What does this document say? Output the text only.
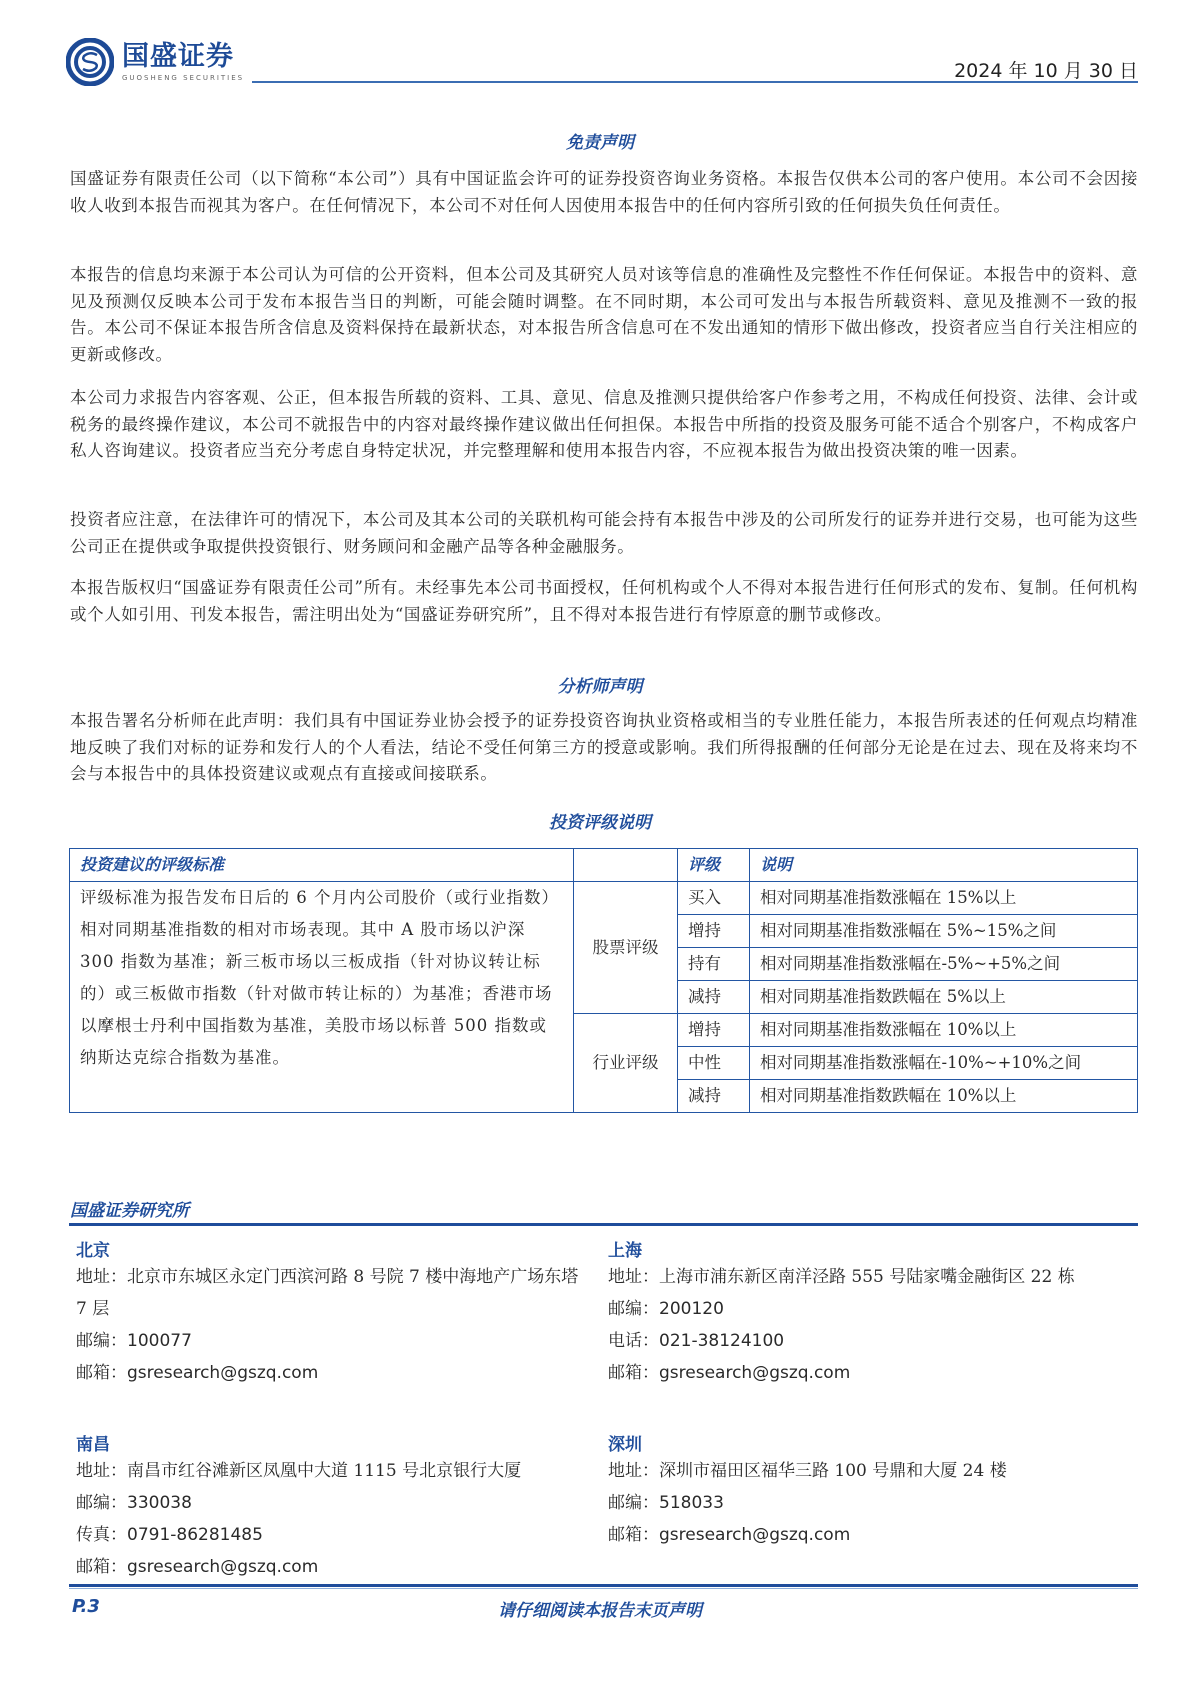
国盛证券
GUOSHENG SECURITIES	2024 年 10 月 30 日
免责声明
国盛证券有限责任公司（以下简称“本公司”）具有中国证监会许可的证券投资咨询业务资格。本报告仅供本公司的客户使用。本公司不会因接收人收到本报告而视其为客户。在任何情况下，本公司不对任何人因使用本报告中的任何内容所引致的任何损失负任何责任。
本报告的信息均来源于本公司认为可信的公开资料，但本公司及其研究人员对该等信息的准确性及完整性不作任何保证。本报告中的资料、意见及预测仅反映本公司于发布本报告当日的判断，可能会随时调整。在不同时期，本公司可发出与本报告所载资料、意见及推测不一致的报告。本公司不保证本报告所含信息及资料保持在最新状态，对本报告所含信息可在不发出通知的情形下做出修改，投资者应当自行关注相应的更新或修改。
本公司力求报告内容客观、公正，但本报告所载的资料、工具、意见、信息及推测只提供给客户作参考之用，不构成任何投资、法律、会计或税务的最终操作建议，本公司不就报告中的内容对最终操作建议做出任何担保。本报告中所指的投资及服务可能不适合个别客户，不构成客户私人咨询建议。投资者应当充分考虑自身特定状况，并完整理解和使用本报告内容，不应视本报告为做出投资决策的唯一因素。
投资者应注意，在法律许可的情况下，本公司及其本公司的关联机构可能会持有本报告中涉及的公司所发行的证券并进行交易，也可能为这些公司正在提供或争取提供投资银行、财务顾问和金融产品等各种金融服务。
本报告版权归“国盛证券有限责任公司”所有。未经事先本公司书面授权，任何机构或个人不得对本报告进行任何形式的发布、复制。任何机构或个人如引用、刊发本报告，需注明出处为“国盛证券研究所”，且不得对本报告进行有悖原意的删节或修改。
分析师声明
本报告署名分析师在此声明：我们具有中国证券业协会授予的证券投资咨询执业资格或相当的专业胜任能力，本报告所表述的任何观点均精准地反映了我们对标的证券和发行人的个人看法，结论不受任何第三方的授意或影响。我们所得报酬的任何部分无论是在过去、现在及将来均不会与本报告中的具体投资建议或观点有直接或间接联系。
投资评级说明
投资建议的评级标准		评级	说明
评级标准为报告发布日后的 6 个月内公司股价（或行业指数）相对同期基准指数的相对市场表现。其中 A 股市场以沪深 300 指数为基准；新三板市场以三板成指（针对协议转让标的）或三板做市指数（针对做市转让标的）为基准；香港市场以摩根士丹利中国指数为基准，美股市场以标普 500 指数或纳斯达克综合指数为基准。	股票评级	买入	相对同期基准指数涨幅在 15%以上
		增持	相对同期基准指数涨幅在 5%~15%之间
		持有	相对同期基准指数涨幅在-5%~+5%之间
		减持	相对同期基准指数跌幅在 5%以上
	行业评级	增持	相对同期基准指数涨幅在 10%以上
		中性	相对同期基准指数涨幅在-10%~+10%之间
		减持	相对同期基准指数跌幅在 10%以上
国盛证券研究所
北京
地址：北京市东城区永定门西滨河路 8 号院 7 楼中海地产广场东塔 7 层
邮编：100077
邮箱：gsresearch@gszq.com
上海
地址：上海市浦东新区南洋泾路 555 号陆家嘴金融街区 22 栋
邮编：200120
电话：021-38124100
邮箱：gsresearch@gszq.com
南昌
地址：南昌市红谷滩新区凤凰中大道 1115 号北京银行大厦
邮编：330038
传真：0791-86281485
邮箱：gsresearch@gszq.com
深圳
地址：深圳市福田区福华三路 100 号鼎和大厦 24 楼
邮编：518033
邮箱：gsresearch@gszq.com
P.3	请仔细阅读本报告末页声明
